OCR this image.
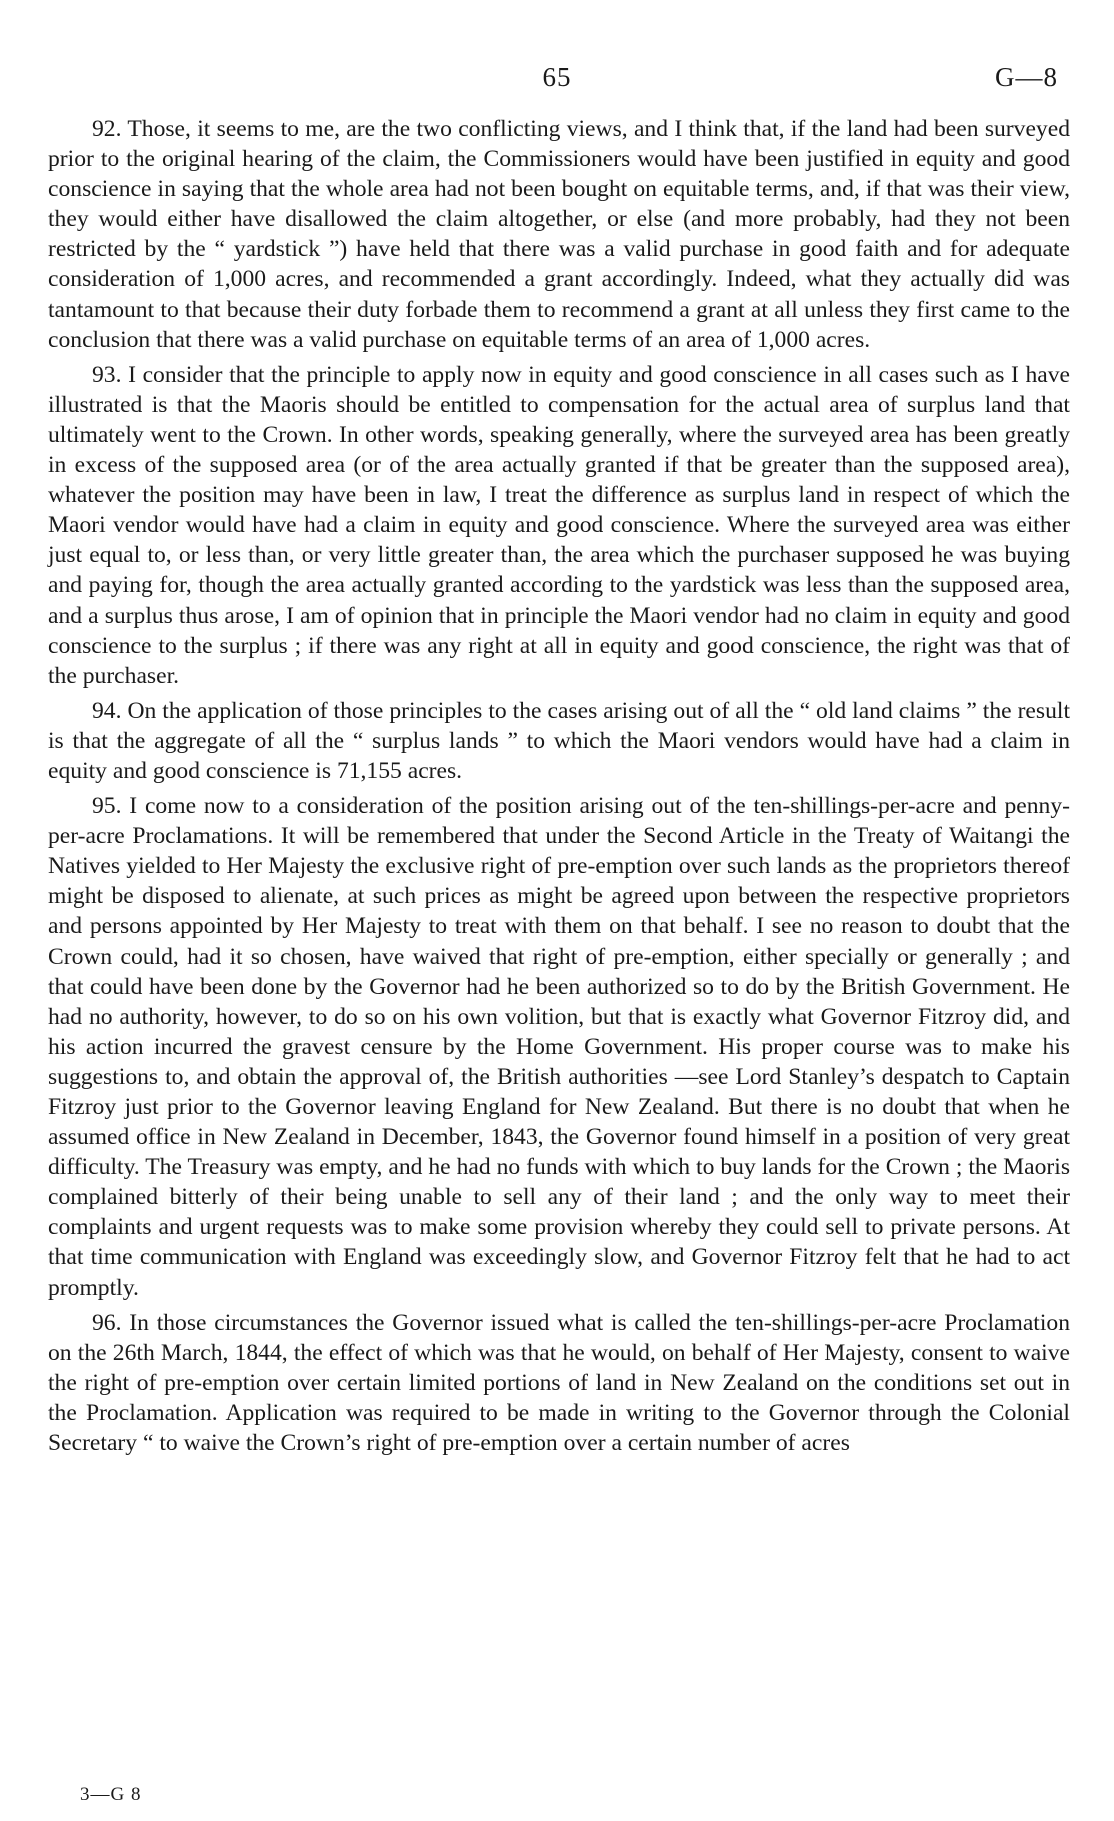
65	G—8

92. Those, it seems to me, are the two conflicting views, and I think that, if the land had been surveyed prior to the original hearing of the claim, the Commissioners would have been justified in equity and good conscience in saying that the whole area had not been bought on equitable terms, and, if that was their view, they would either have disallowed the claim altogether, or else (and more probably, had they not been restricted by the “ yardstick ”) have held that there was a valid purchase in good faith and for adequate consideration of 1,000 acres, and recommended a grant accordingly. Indeed, what they actually did was tantamount to that because their duty forbade them to recommend a grant at all unless they first came to the conclusion that there was a valid purchase on equitable terms of an area of 1,000 acres.

93. I consider that the principle to apply now in equity and good conscience in all cases such as I have illustrated is that the Maoris should be entitled to compensation for the actual area of surplus land that ultimately went to the Crown. In other words, speaking generally, where the surveyed area has been greatly in excess of the supposed area (or of the area actually granted if that be greater than the supposed area), whatever the position may have been in law, I treat the difference as surplus land in respect of which the Maori vendor would have had a claim in equity and good conscience. Where the surveyed area was either just equal to, or less than, or very little greater than, the area which the purchaser supposed he was buying and paying for, though the area actually granted according to the yardstick was less than the supposed area, and a surplus thus arose, I am of opinion that in principle the Maori vendor had no claim in equity and good conscience to the surplus ; if there was any right at all in equity and good conscience, the right was that of the purchaser.

94. On the application of those principles to the cases arising out of all the “ old land claims ” the result is that the aggregate of all the “ surplus lands ” to which the Maori vendors would have had a claim in equity and good conscience is 71,155 acres.

95. I come now to a consideration of the position arising out of the ten-shillings-per-acre and penny-per-acre Proclamations. It will be remembered that under the Second Article in the Treaty of Waitangi the Natives yielded to Her Majesty the exclusive right of pre-emption over such lands as the proprietors thereof might be disposed to alienate, at such prices as might be agreed upon between the respective proprietors and persons appointed by Her Majesty to treat with them on that behalf. I see no reason to doubt that the Crown could, had it so chosen, have waived that right of pre-emption, either specially or generally ; and that could have been done by the Governor had he been authorized so to do by the British Government. He had no authority, however, to do so on his own volition, but that is exactly what Governor Fitzroy did, and his action incurred the gravest censure by the Home Government. His proper course was to make his suggestions to, and obtain the approval of, the British authorities —see Lord Stanley’s despatch to Captain Fitzroy just prior to the Governor leaving England for New Zealand. But there is no doubt that when he assumed office in New Zealand in December, 1843, the Governor found himself in a position of very great difficulty. The Treasury was empty, and he had no funds with which to buy lands for the Crown ; the Maoris complained bitterly of their being unable to sell any of their land ; and the only way to meet their complaints and urgent requests was to make some provision whereby they could sell to private persons. At that time communication with England was exceedingly slow, and Governor Fitzroy felt that he had to act promptly.

96. In those circumstances the Governor issued what is called the ten-shillings-per-acre Proclamation on the 26th March, 1844, the effect of which was that he would, on behalf of Her Majesty, consent to waive the right of pre-emption over certain limited portions of land in New Zealand on the conditions set out in the Proclamation. Application was required to be made in writing to the Governor through the Colonial Secretary “ to waive the Crown’s right of pre-emption over a certain number of acres

3—G 8
